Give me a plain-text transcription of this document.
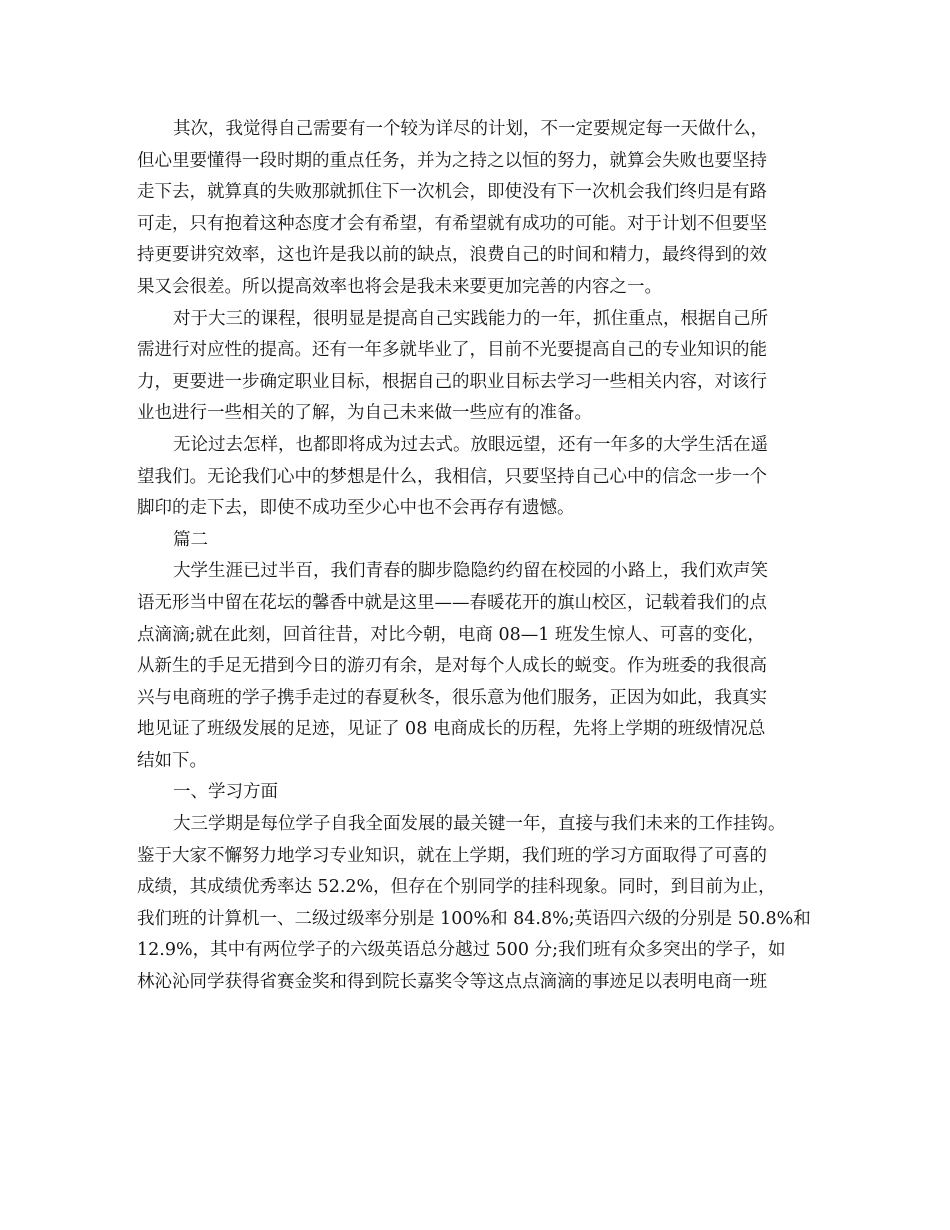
其次，我觉得自己需要有一个较为详尽的计划，不一定要规定每一天做什么，
但心里要懂得一段时期的重点任务，并为之持之以恒的努力，就算会失败也要坚持
走下去，就算真的失败那就抓住下一次机会，即使没有下一次机会我们终归是有路
可走，只有抱着这种态度才会有希望，有希望就有成功的可能。对于计划不但要坚
持更要讲究效率，这也许是我以前的缺点，浪费自己的时间和精力，最终得到的效
果又会很差。所以提高效率也将会是我未来要更加完善的内容之一。
对于大三的课程，很明显是提高自己实践能力的一年，抓住重点，根据自己所
需进行对应性的提高。还有一年多就毕业了，目前不光要提高自己的专业知识的能
力，更要进一步确定职业目标，根据自己的职业目标去学习一些相关内容，对该行
业也进行一些相关的了解，为自己未来做一些应有的准备。
无论过去怎样，也都即将成为过去式。放眼远望，还有一年多的大学生活在遥
望我们。无论我们心中的梦想是什么，我相信，只要坚持自己心中的信念一步一个
脚印的走下去，即使不成功至少心中也不会再存有遗憾。
篇二
大学生涯已过半百，我们青春的脚步隐隐约约留在校园的小路上，我们欢声笑
语无形当中留在花坛的馨香中就是这里——春暖花开的旗山校区，记载着我们的点
点滴滴;就在此刻，回首往昔，对比今朝，电商 08—1 班发生惊人、可喜的变化，
从新生的手足无措到今日的游刃有余，是对每个人成长的蜕变。作为班委的我很高
兴与电商班的学子携手走过的春夏秋冬，很乐意为他们服务，正因为如此，我真实
地见证了班级发展的足迹，见证了 08 电商成长的历程，先将上学期的班级情况总
结如下。
一、学习方面
大三学期是每位学子自我全面发展的最关键一年，直接与我们未来的工作挂钩。
鉴于大家不懈努力地学习专业知识，就在上学期，我们班的学习方面取得了可喜的
成绩，其成绩优秀率达 52.2%，但存在个别同学的挂科现象。同时，到目前为止，
我们班的计算机一、二级过级率分别是 100%和 84.8%;英语四六级的分别是 50.8%和
12.9%，其中有两位学子的六级英语总分越过 500 分;我们班有众多突出的学子，如
林沁沁同学获得省赛金奖和得到院长嘉奖令等这点点滴滴的事迹足以表明电商一班
